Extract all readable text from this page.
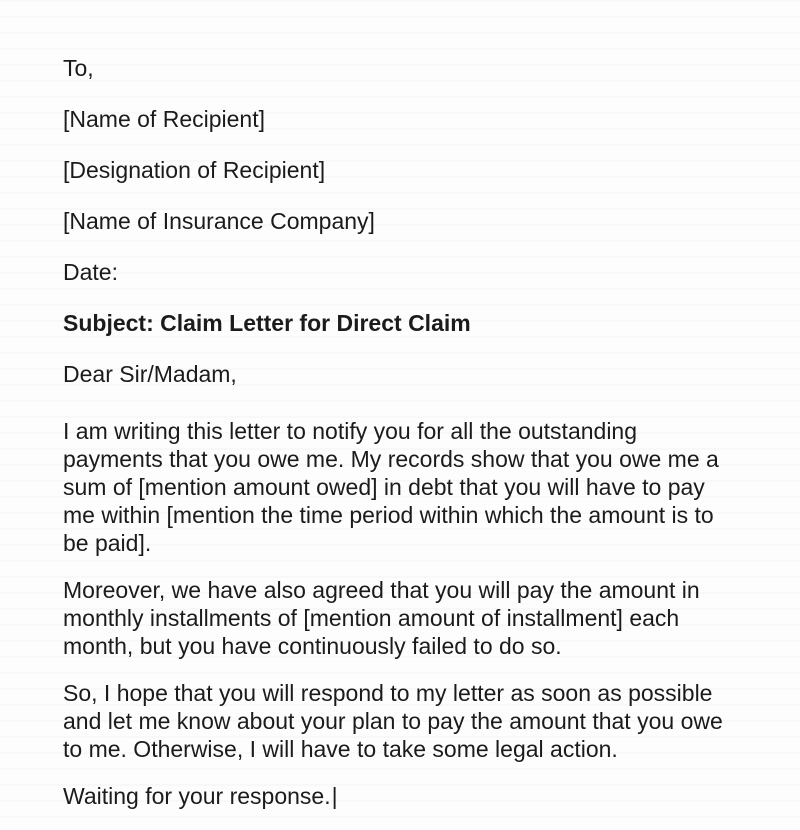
To,
[Name of Recipient]
[Designation of Recipient]
[Name of Insurance Company]
Date:
Subject: Claim Letter for Direct Claim
Dear Sir/Madam,
I am writing this letter to notify you for all the outstanding
payments that you owe me. My records show that you owe me a
sum of [mention amount owed] in debt that you will have to pay
me within [mention the time period within which the amount is to
be paid].
Moreover, we have also agreed that you will pay the amount in
monthly installments of [mention amount of installment] each
month, but you have continuously failed to do so.
So, I hope that you will respond to my letter as soon as possible
and let me know about your plan to pay the amount that you owe
to me. Otherwise, I will have to take some legal action.
Waiting for your response.|
